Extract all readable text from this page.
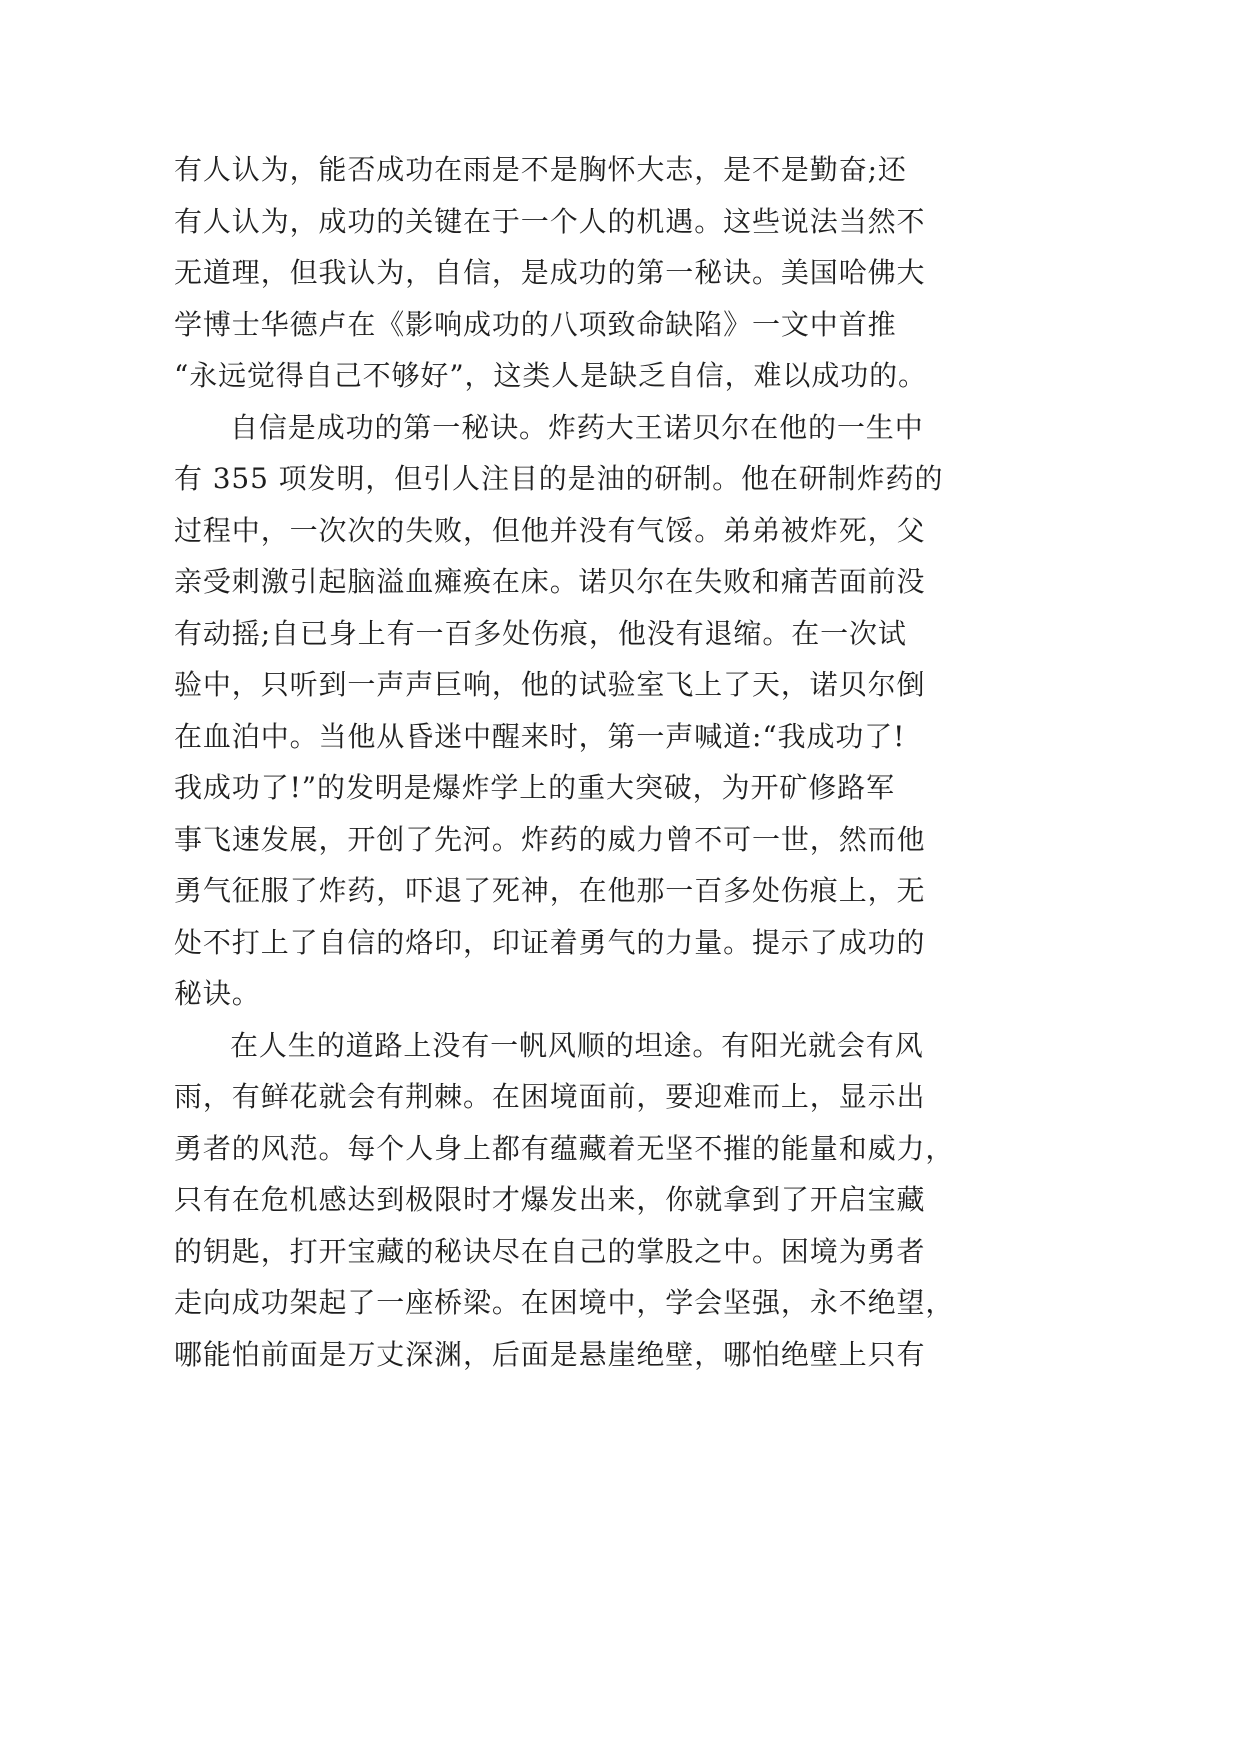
有人认为，能否成功在雨是不是胸怀大志，是不是勤奋;还
有人认为，成功的关键在于一个人的机遇。这些说法当然不
无道理，但我认为，自信，是成功的第一秘诀。美国哈佛大
学博士华德卢在《影响成功的八项致命缺陷》一文中首推
“永远觉得自己不够好”，这类人是缺乏自信，难以成功的。
自信是成功的第一秘诀。炸药大王诺贝尔在他的一生中
有 355 项发明，但引人注目的是油的研制。他在研制炸药的
过程中，一次次的失败，但他并没有气馁。弟弟被炸死，父
亲受刺激引起脑溢血瘫痪在床。诺贝尔在失败和痛苦面前没
有动摇;自已身上有一百多处伤痕，他没有退缩。在一次试
验中，只听到一声声巨响，他的试验室飞上了天，诺贝尔倒
在血泊中。当他从昏迷中醒来时，第一声喊道:“我成功了!
我成功了!”的发明是爆炸学上的重大突破，为开矿修路军
事飞速发展，开创了先河。炸药的威力曾不可一世，然而他
勇气征服了炸药，吓退了死神，在他那一百多处伤痕上，无
处不打上了自信的烙印，印证着勇气的力量。提示了成功的
秘诀。
在人生的道路上没有一帆风顺的坦途。有阳光就会有风
雨，有鲜花就会有荆棘。在困境面前，要迎难而上，显示出
勇者的风范。每个人身上都有蕴藏着无坚不摧的能量和威力，
只有在危机感达到极限时才爆发出来，你就拿到了开启宝藏
的钥匙，打开宝藏的秘诀尽在自己的掌股之中。困境为勇者
走向成功架起了一座桥梁。在困境中，学会坚强，永不绝望，
哪能怕前面是万丈深渊，后面是悬崖绝壁，哪怕绝壁上只有
